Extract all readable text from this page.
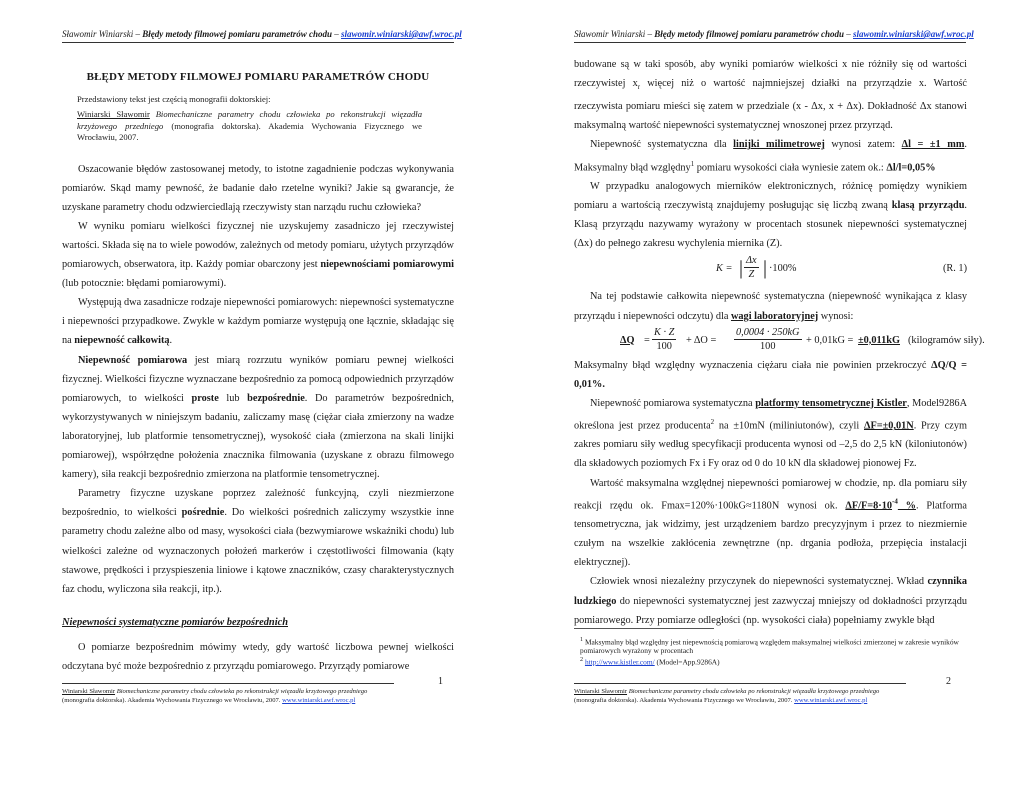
Sławomir Winiarski – Błędy metody filmowej pomiaru parametrów chodu – slawomir.winiarski@awf.wroc.pl
BŁĘDY METODY FILMOWEJ POMIARU PARAMETRÓW CHODU
Przedstawiony tekst jest częścią monografii doktorskiej:
Winiarski Sławomir Biomechaniczne parametry chodu człowieka po rekonstrukcji więzadła krzyżowego przedniego (monografia doktorska). Akademia Wychowania Fizycznego we Wrocławiu, 2007.

Oszacowanie błędów zastosowanej metody, to istotne zagadnienie podczas wykonywania pomiarów. Skąd mamy pewność, że badanie dało rzetelne wyniki? Jakie są gwarancje, że uzyskane parametry chodu odzwierciedlają rzeczywisty stan narządu ruchu człowieka?

W wyniku pomiaru wielkości fizycznej nie uzyskujemy zasadniczo jej rzeczywistej wartości. Składa się na to wiele powodów, zależnych od metody pomiaru, użytych przyrządów pomiarowych, obserwatora, itp. Każdy pomiar obarczony jest niepewnościami pomiarowymi (lub potocznie: błędami pomiarowymi).

Występują dwa zasadnicze rodzaje niepewności pomiarowych: niepewności systematyczne i niepewności przypadkowe. Zwykle w każdym pomiarze występują one łącznie, składając się na niepewność całkowitą.

Niepewność pomiarowa jest miarą rozrzutu wyników pomiaru pewnej wielkości fizycznej. Wielkości fizyczne wyznaczane bezpośrednio za pomocą odpowiednich przyrządów pomiarowych, to wielkości proste lub bezpośrednie. Do parametrów bezpośrednich, wykorzystywanych w niniejszym badaniu, zaliczamy masę (ciężar ciała zmierzony na wadze laboratoryjnej, lub platformie tensometrycznej), wysokość ciała (zmierzona na skali linijki pomiarowej), współrzędne położenia znacznika filmowania (uzyskane z obrazu filmowego kamery), siła reakcji bezpośrednio zmierzona na platformie tensometrycznej.

Parametry fizyczne uzyskane poprzez zależność funkcyjną, czyli niezmierzone bezpośrednio, to wielkości pośrednie. Do wielkości pośrednich zaliczymy wszystkie inne parametry chodu zależne albo od masy, wysokości ciała (bezwymiarowe wskaźniki chodu) lub wielkości zależne od wyznaczonych położeń markerów i częstotliwości filmowania (kąty stawowe, prędkości i przyspieszenia liniowe i kątowe znaczników, czasy charakterystycznych faz chodu, wyliczona siła reakcji, itp.).

Niepewności systematyczne pomiarów bezpośrednich

O pomiarze bezpośrednim mówimy wtedy, gdy wartość liczbowa pewnej wielkości odczytana być może bezpośrednio z przyrządu pomiarowego. Przyrządy pomiarowe

1
Winiarski Sławomir Biomechaniczne parametry chodu człowieka po rekonstrukcji więzadła krzyżowego przedniego
(monografia doktorska). Akademia Wychowania Fizycznego we Wrocławiu, 2007. www.winiarski.awf.wroc.pl
Sławomir Winiarski – Błędy metody filmowej pomiaru parametrów chodu – slawomir.winiarski@awf.wroc.pl

budowane są w taki sposób, aby wyniki pomiarów wielkości x nie różniły się od wartości rzeczywistej $x_r$ więcej niż o wartość najmniejszej działki na przyrządzie x. Wartość rzeczywista pomiaru mieści się zatem w przedziale (x - Δx, x + Δx). Dokładność Δx stanowi maksymalną wartość niepewności systematycznej wnoszonej przez przyrząd.

Niepewność systematyczna dla linijki milimetrowej wynosi zatem: Δl = ±1 mm. Maksymalny błąd względny$^1$ pomiaru wysokości ciała wyniesie zatem ok.: Δl/l=0,05%

W przypadku analogowych mierników elektronicznych, różnicę pomiędzy wynikiem pomiaru a wartością rzeczywistą znajdujemy posługując się liczbą zwaną klasą przyrządu. Klasą przyrządu nazywamy wyrażony w procentach stosunek niepewności systematycznej (Δx) do pełnego zakresu wychylenia miernika (Z).

K = | $\frac{\Delta x}{Z}$ | ·100%	(R. 1)

Na tej podstawie całkowita niepewność systematyczna (niepewność wynikająca z klasy przyrządu i niepewności odczytu) dla wagi laboratoryjnej wynosi:

$\Delta Q = \frac{K \cdot Z}{100} + \Delta O = \frac{0,0004 \cdot 250kG}{100} + 0,01kG = \pm 0,011kG$ (kilogramów siły).

Maksymalny błąd względny wyznaczenia ciężaru ciała nie powinien przekroczyć ΔQ/Q = 0,01%.

Niepewność pomiarowa systematyczna platformy tensometrycznej Kistler, Model9286A określona jest przez producenta$^2$ na ±10mN (miliniutonów), czyli ΔF=±0,01N. Przy czym zakres pomiaru siły według specyfikacji producenta wynosi od –2,5 do 2,5 kN (kiloniutonów) dla składowych poziomych Fx i Fy oraz od 0 do 10 kN dla składowej pionowej Fz.

Wartość maksymalna względnej niepewności pomiarowej w chodzie, np. dla pomiaru siły reakcji rzędu ok. Fmax=120%·100kG≈1180N wynosi ok. $\Delta F/F=8\cdot 10^{-4}$ %. Platforma tensometryczna, jak widzimy, jest urządzeniem bardzo precyzyjnym i przez to niezmiernie czułym na wszelkie zakłócenia zewnętrzne (np. drgania podłoża, przepięcia instalacji elektrycznej).

Człowiek wnosi niezależny przyczynek do niepewności systematycznej. Wkład czynnika ludzkiego do niepewności systematycznej jest zazwyczaj mniejszy od dokładności przyrządu pomiarowego. Przy pomiarze odległości (np. wysokości ciała) popełniamy zwykle błąd

$^1$ Maksymalny błąd względny jest niepewnością pomiarową względem maksymalnej wielkości zmierzonej w zakresie wyników pomiarowych wyrażony w procentach
$^2$ http://www.kistler.com/ (Model=App.9286A)
2
Winiarski Sławomir Biomechaniczne parametry chodu człowieka po rekonstrukcji więzadła krzyżowego przedniego
(monografia doktorska). Akademia Wychowania Fizycznego we Wrocławiu, 2007. www.winiarski.awf.wroc.pl
